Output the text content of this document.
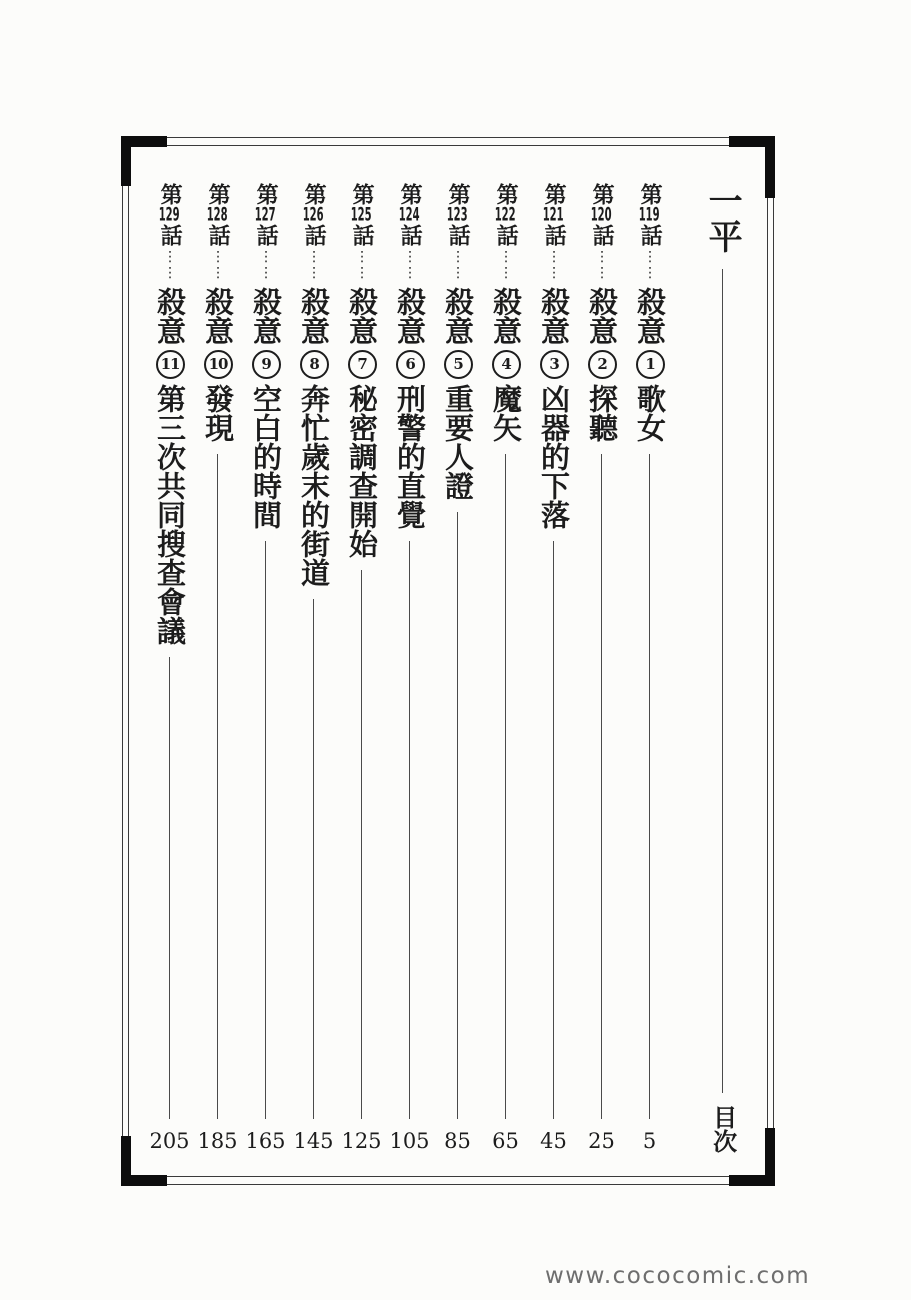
一平
目次
第119話
⋮⋮
殺意1歌女
5
第120話
⋮⋮
殺意2探聽
25
第121話
⋮⋮
殺意3凶器的下落
45
第122話
⋮⋮
殺意4魔矢
65
第123話
⋮⋮
殺意5重要人證
85
第124話
⋮⋮
殺意6刑警的直覺
105
第125話
⋮⋮
殺意7秘密調查開始
125
第126話
⋮⋮
殺意8奔忙歲末的街道
145
第127話
⋮⋮
殺意9空白的時間
165
第128話
⋮⋮
殺意10發現
185
第129話
⋮⋮
殺意11第三次共同搜查會議
205
www.cococomic.com
